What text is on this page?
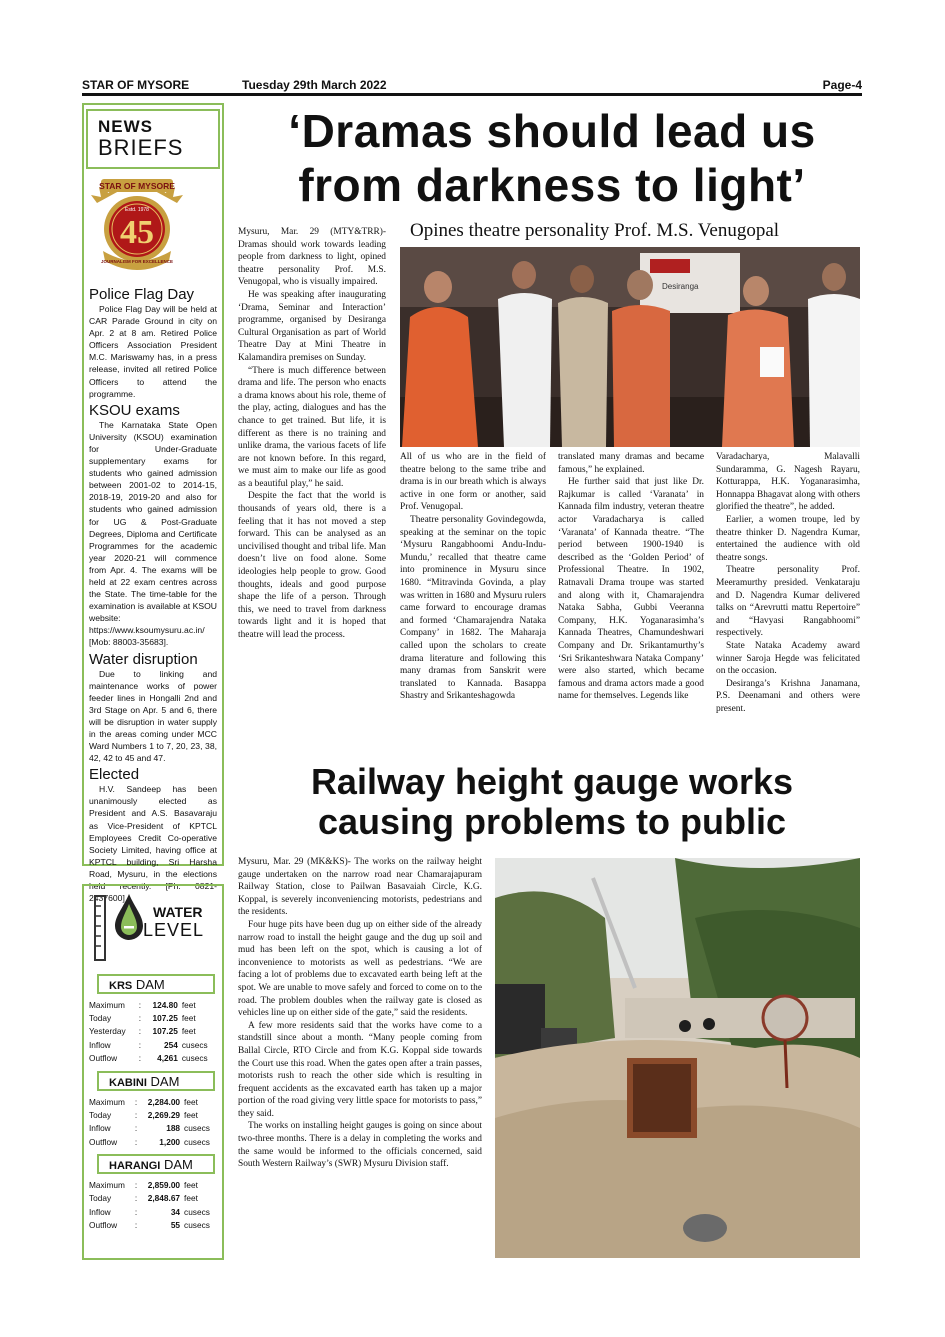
STAR OF MYSORE	Tuesday 29th March 2022	Page-4
NEWS
BRIEFS
STAR OF MYSORE
Estd. 1978
45
JOURNALISM FOR EXCELLENCE
Police Flag Day

Police Flag Day will be held at CAR Parade Ground in city on Apr. 2 at 8 am. Retired Police Officers Association President M.C. Mariswamy has, in a press release, invited all retired Police Officers to attend the programme.

KSOU exams

The Karnataka State Open University (KSOU) examination for Under-Graduate supplementary exams for students who gained admission between 2001-02 to 2014-15, 2018-19, 2019-20 and also for students who gained admission for UG & Post-Graduate Degrees, Diploma and Certificate Programmes for the academic year 2020-21 will commence from Apr. 4. The exams will be held at 22 exam centres across the State. The time-table for the examination is available at KSOU website: https://www.ksoumysuru.ac.in/ [Mob: 88003-35683].

Water disruption

Due to linking and maintenance works of power feeder lines in Hongalli 2nd and 3rd Stage on Apr. 5 and 6, there will be disruption in water supply in the areas coming under MCC Ward Numbers 1 to 7, 20, 23, 38, 42, 42 to 45 and 47.

Elected

H.V. Sandeep has been unanimously elected as President and A.S. Basavaraju as Vice-President of KPTCL Employees Credit Co-operative Society Limited, having office at KPTCL building, Sri Harsha Road, Mysuru, in the elections held recently. [Ph: 0821- 2437600]

WATER
LEVEL
KRS DAM
Maximum	:	124.80	feet
Today	:	107.25	feet
Yesterday	:	107.25	feet
Inflow	:	254	cusecs
Outflow	:	4,261	cusecs
KABINI DAM
Maximum	:	2,284.00	feet
Today	:	2,269.29	feet
Inflow	:	188	cusecs
Outflow	:	1,200	cusecs
HARANGI DAM
Maximum	:	2,859.00	feet
Today	:	2,848.67	feet
Inflow	:	34	cusecs
Outflow	:	55	cusecs
‘Dramas should lead us
from darkness to light’
Opines theatre personality Prof. M.S. Venugopal

Mysuru, Mar. 29 (MTY&TRR)- Dramas should work towards leading people from darkness to light, opined theatre personality Prof. M.S. Venugopal, who is visually impaired.

He was speaking after inaugurating ‘Drama, Seminar and Interaction’ programme, organised by Desiranga Cultural Organisation as part of World Theatre Day at Mini Theatre in Kalamandira premises on Sunday.

“There is much difference between drama and life. The person who enacts a drama knows about his role, theme of the play, acting, dialogues and has the chance to get trained. But life, it is different as there is no training and unlike drama, the various facets of life are not known before. In this regard, we must aim to make our life as good as a beautiful play,” he said.

Despite the fact that the world is thousands of years old, there is a feeling that it has not moved a step forward. This can be analysed as an uncivilised thought and tribal life. Man doesn’t live on food alone. Some ideologies help people to grow. Good thoughts, ideals and good purpose shape the life of a person. Through this, we need to travel from darkness towards light and it is hoped that theatre will lead the process.

Desiranga

All of us who are in the field of theatre belong to the same tribe and drama is in our breath which is always active in one form or another, said Prof. Venugopal.

Theatre personality Govindegowda, speaking at the seminar on the topic ‘Mysuru Rangabhoomi Andu-Indu-Mundu,’ recalled that theatre came into prominence in Mysuru since 1680. “Mitravinda Govinda, a play was written in 1680 and Mysuru rulers came forward to encourage dramas and formed ‘Chamarajendra Nataka Company’ in 1682. The Maharaja called upon the scholars to create drama literature and following this many dramas from Sanskrit were translated to Kannada. Basappa Shastry and Srikanteshagowda

translated many dramas and became famous,” he explained.

He further said that just like Dr. Rajkumar is called ‘Varanata’ in Kannada film industry, veteran theatre actor Varadacharya is called ‘Varanata’ of Kannada theatre. “The period between 1900-1940 is described as the ‘Golden Period’ of Professional Theatre. In 1902, Ratnavali Drama troupe was started and along with it, Chamarajendra Nataka Sabha, Gubbi Veeranna Company, H.K. Yoganarasimha’s Kannada Theatres, Chamundeshwari Company and Dr. Srikantamurthy’s ‘Sri Srikanteshwara Nataka Company’ were also started, which became famous and drama actors made a good name for themselves. Legends like

Varadacharya, Malavalli Sundaramma, G. Nagesh Rayaru, Kotturappa, H.K. Yoganarasimha, Honnappa Bhagavat along with others glorified the theatre”, he added.

Earlier, a women troupe, led by theatre thinker D. Nagendra Kumar, entertained the audience with old theatre songs.

Theatre personality Prof. Meeramurthy presided. Venkataraju and D. Nagendra Kumar delivered talks on “Arevrutti mattu Repertoire” and “Havyasi Rangabhoomi” respectively.

State Nataka Academy award winner Saroja Hegde was felicitated on the occasion.

Desiranga’s Krishna Janamana, P.S. Deenamani and others were present.

Railway height gauge works
causing problems to public

Mysuru, Mar. 29 (MK&KS)- The works on the railway height gauge undertaken on the narrow road near Chamarajapuram Railway Station, close to Pailwan Basavaiah Circle, K.G. Koppal, is severely inconveniencing motorists, pedestrians and the residents.

Four huge pits have been dug up on either side of the already narrow road to install the height gauge and the dug up soil and mud has been left on the spot, which is causing a lot of inconvenience to motorists as well as pedestrians. “We are facing a lot of problems due to excavated earth being left at the spot. We are unable to move safely and forced to come on to the road. The problem doubles when the railway gate is closed as vehicles line up on either side of the gate,” said the residents.

A few more residents said that the works have come to a standstill since about a month. “Many people coming from Ballal Circle, RTO Circle and from K.G. Koppal side towards the Court use this road. When the gates open after a train passes, motorists rush to reach the other side which is resulting in frequent accidents as the excavated earth has taken up a major portion of the road giving very little space for motorists to pass,” they said.

The works on installing height gauges is going on since about two-three months. There is a delay in completing the works and the same would be informed to the officials concerned, said South Western Railway’s (SWR) Mysuru Division staff.
